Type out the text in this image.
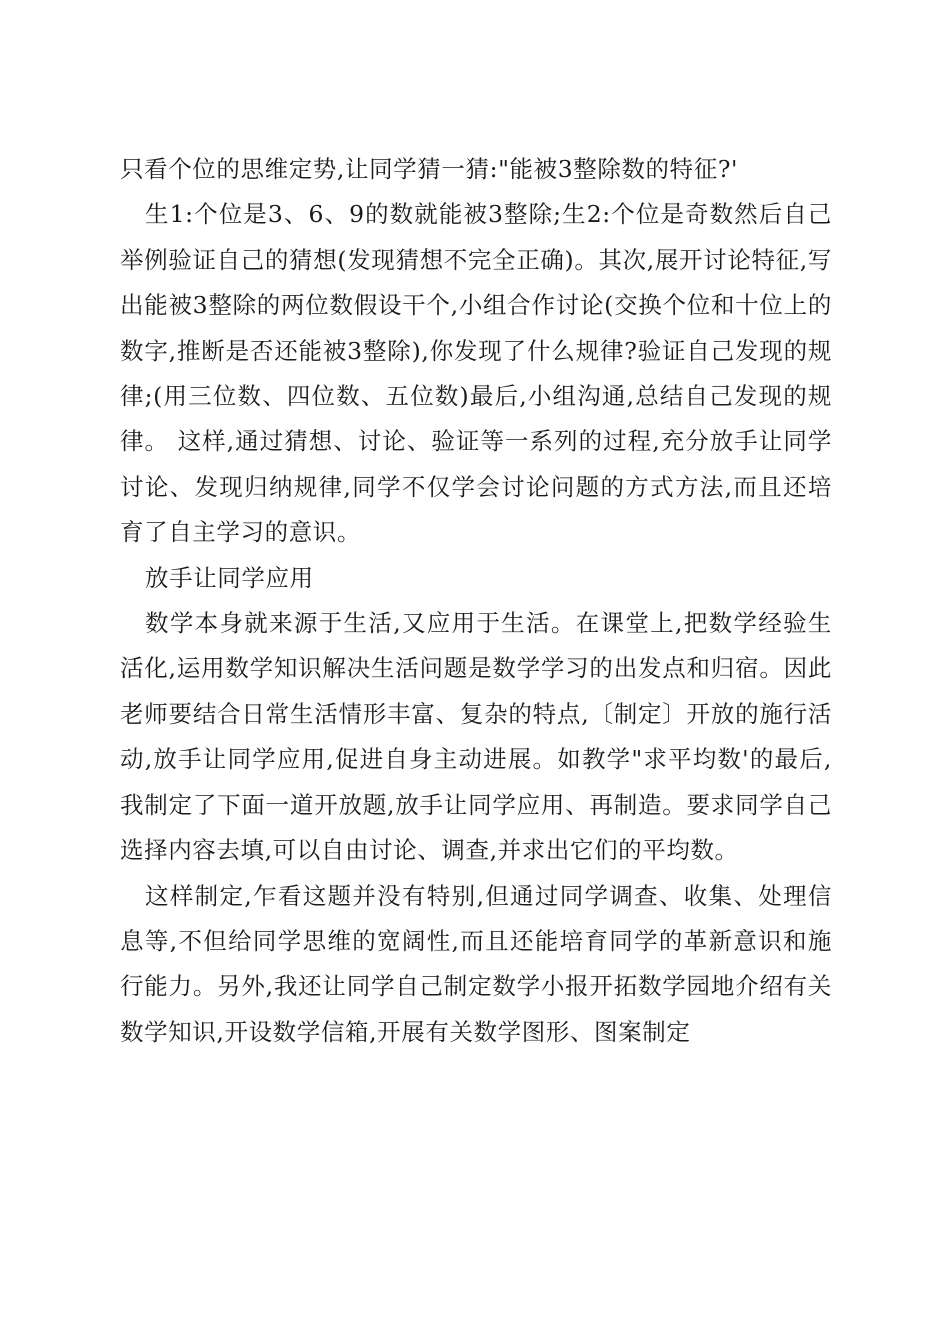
只看个位的思维定势,让同学猜一猜:"能被3整除数的特征?'

生1:个位是3、6、9的数就能被3整除;生2:个位是奇数然后自己举例验证自己的猜想(发现猜想不完全正确)。其次,展开讨论特征,写出能被3整除的两位数假设干个,小组合作讨论(交换个位和十位上的数字,推断是否还能被3整除),你发现了什么规律?验证自己发现的规律;(用三位数、四位数、五位数)最后,小组沟通,总结自己发现的规律。 这样,通过猜想、讨论、验证等一系列的过程,充分放手让同学讨论、发现归纳规律,同学不仅学会讨论问题的方式方法,而且还培育了自主学习的意识。

放手让同学应用

数学本身就来源于生活,又应用于生活。在课堂上,把数学经验生活化,运用数学知识解决生活问题是数学学习的出发点和归宿。因此老师要结合日常生活情形丰富、复杂的特点,〔制定〕开放的施行活动,放手让同学应用,促进自身主动进展。如教学"求平均数'的最后,我制定了下面一道开放题,放手让同学应用、再制造。要求同学自己选择内容去填,可以自由讨论、调查,并求出它们的平均数。

这样制定,乍看这题并没有特别,但通过同学调查、收集、处理信息等,不但给同学思维的宽阔性,而且还能培育同学的革新意识和施行能力。另外,我还让同学自己制定数学小报开拓数学园地介绍有关数学知识,开设数学信箱,开展有关数学图形、图案制定
